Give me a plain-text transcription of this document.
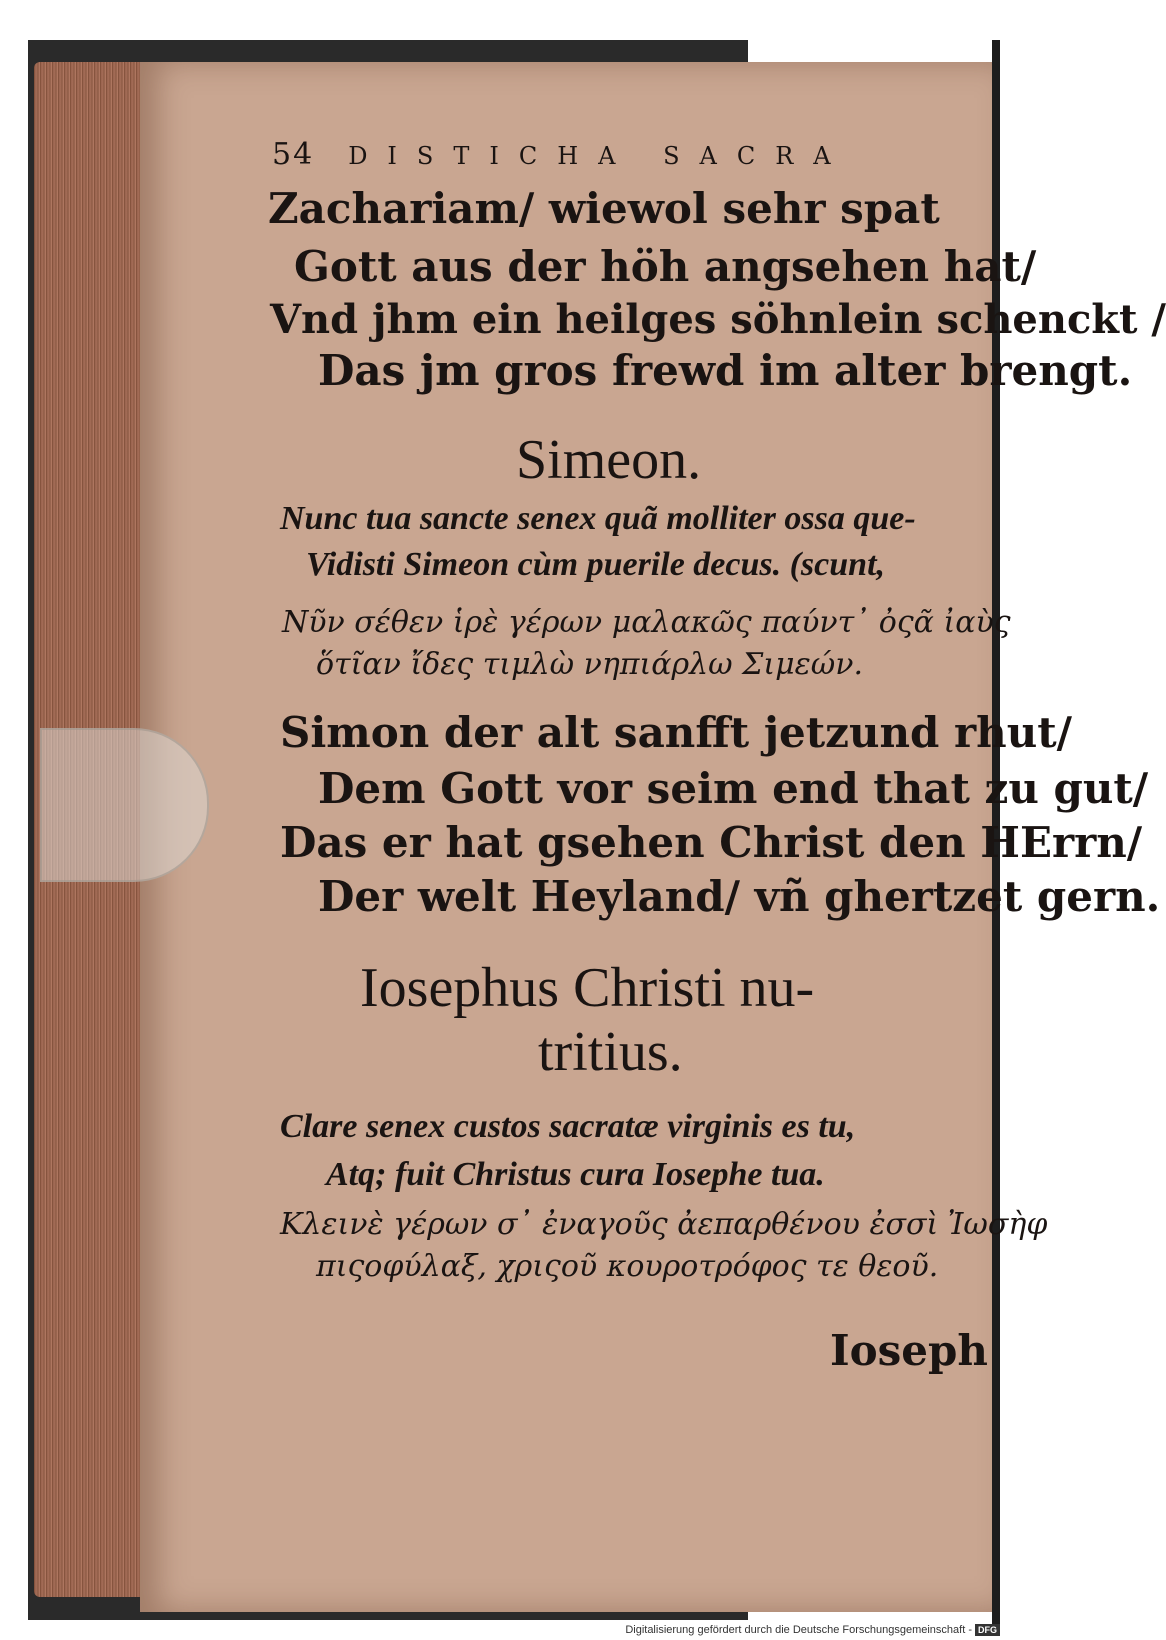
54 DISTICHA SACRA
Zachariam/ wiewol sehr spat
Gott aus der höh angsehen hat/
Vnd jhm ein heilges söhnlein schenckt /
Das jm gros frewd im alter brengt.
Simeon.
Nunc tua sancte senex quã molliter ossa que-
Vidisti Simeon cùm puerile decus. (scunt,
Νῦν σέθεν ἱρὲ γέρων μαλακῶς παύντ᾽ ὀςᾶ ἰαὺς
ὅτῖαν ἴδες τιμλὼ νηπιάρλω Σιμεών.
Simon der alt sanfft jetzund rhut/
Dem Gott vor seim end that zu gut/
Das er hat gsehen Christ den HErrn/
Der welt Heyland/ vñ ghertzet gern.
Iosephus Christi nu-
tritius.
Clare senex custos sacratæ virginis es tu,
Atq; fuit Christus cura Iosephe tua.
Κλεινὲ γέρων σ᾽ ἐναγοῦς ἀεπαρθένου ἐσσὶ Ἰωσὴφ
πιςοφύλαξ, χριςοῦ κουροτρόφος τε θεοῦ.
Ioseph
Digitalisierung gefördert durch die Deutsche Forschungsgemeinschaft - DFG
